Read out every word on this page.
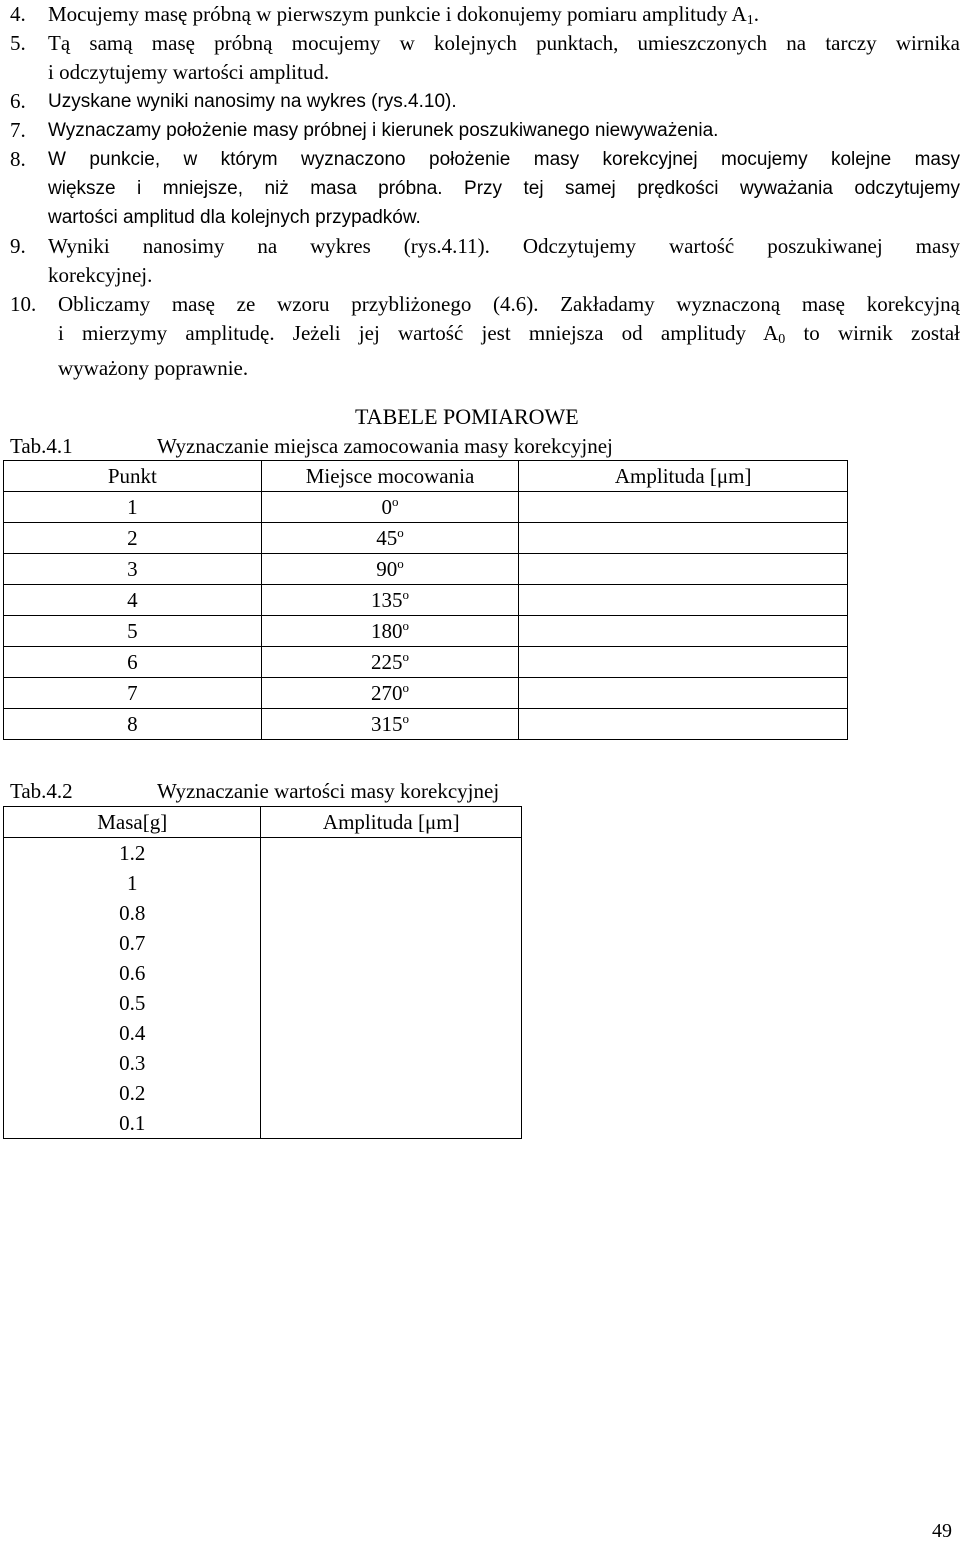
4. Mocujemy masę próbną w pierwszym punkcie i dokonujemy pomiaru amplitudy $A_1$.
5. Tą samą masę próbną mocujemy w kolejnych punktach, umieszczonych na tarczy wirnika
i odczytujemy wartości amplitud.
6. Uzyskane wyniki nanosimy na wykres (rys.4.10).
7. Wyznaczamy położenie masy próbnej i kierunek poszukiwanego niewyważenia.
8. W punkcie, w którym wyznaczono położenie masy korekcyjnej mocujemy kolejne masy
większe i mniejsze, niż masa próbna. Przy tej samej prędkości wyważania odczytujemy
wartości amplitud dla kolejnych przypadków.
9. Wyniki nanosimy na wykres (rys.4.11). Odczytujemy wartość poszukiwanej masy
korekcyjnej.
10. Obliczamy masę ze wzoru przybliżonego (4.6). Zakładamy wyznaczoną masę korekcyjną
i mierzymy amplitudę. Jeżeli jej wartość jest mniejsza od amplitudy $A_0$ to wirnik został
wyważony poprawnie.
TABELE POMIAROWE
Tab.4.1	Wyznaczanie miejsca zamocowania masy korekcyjnej
Punkt	Miejsce mocowania	Amplituda [μm]
1	0$^o$	
2	45$^o$	
3	90$^o$	
4	135$^o$	
5	180$^o$	
6	225$^o$	
7	270$^o$	
8	315$^o$	
Tab.4.2	Wyznaczanie wartości masy korekcyjnej
Masa[g]	Amplituda [μm]
1.2	
1	
0.8	
0.7	
0.6	
0.5	
0.4	
0.3	
0.2	
0.1	
49
